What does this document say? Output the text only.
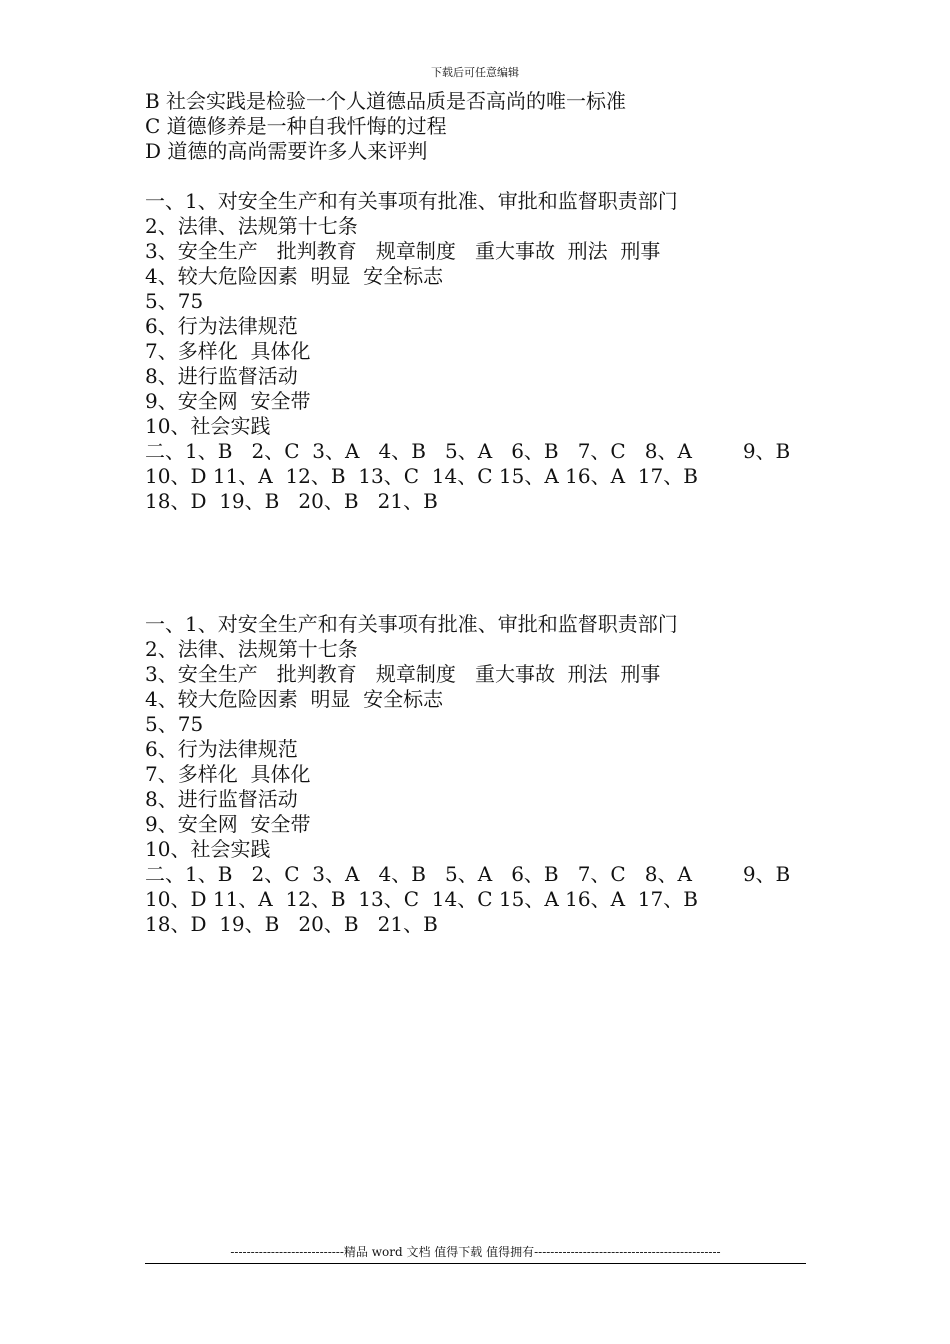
下载后可任意编辑
B 社会实践是检验一个人道德品质是否高尚的唯一标准
C 道德修养是一种自我忏悔的过程
D 道德的高尚需要许多人来评判
一、1、对安全生产和有关事项有批准、审批和监督职责部门
2、法律、法规第十七条
3、安全生产   批判教育   规章制度   重大事故  刑法  刑事
4、较大危险因素  明显  安全标志
5、75
6、行为法律规范
7、多样化  具体化
8、进行监督活动
9、安全网  安全带
10、社会实践
二、1、B   2、C  3、A   4、B   5、A   6、B   7、C   8、A        9、B
10、D 11、A  12、B  13、C  14、C 15、A 16、A  17、B
18、D  19、B   20、B   21、B
一、1、对安全生产和有关事项有批准、审批和监督职责部门
2、法律、法规第十七条
3、安全生产   批判教育   规章制度   重大事故  刑法  刑事
4、较大危险因素  明显  安全标志
5、75
6、行为法律规范
7、多样化  具体化
8、进行监督活动
9、安全网  安全带
10、社会实践
二、1、B   2、C  3、A   4、B   5、A   6、B   7、C   8、A        9、B
10、D 11、A  12、B  13、C  14、C 15、A 16、A  17、B
18、D  19、B   20、B   21、B
----------------------------精品 word 文档 值得下载 值得拥有----------------------------------------------
